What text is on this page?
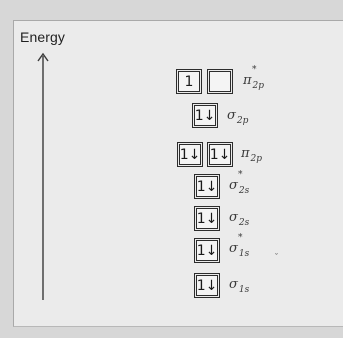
Energy
1	π
*
$_{2p}$
1↓ $\sigma_{2p}$
1↓ 1↓ $\pi_{2p}$
1↓ σ
*
$_{2s}$
1↓ $\sigma_{2s}$
1↓ σ
*
$_{1s}$	ˇ
1↓ $\sigma_{1s}$
